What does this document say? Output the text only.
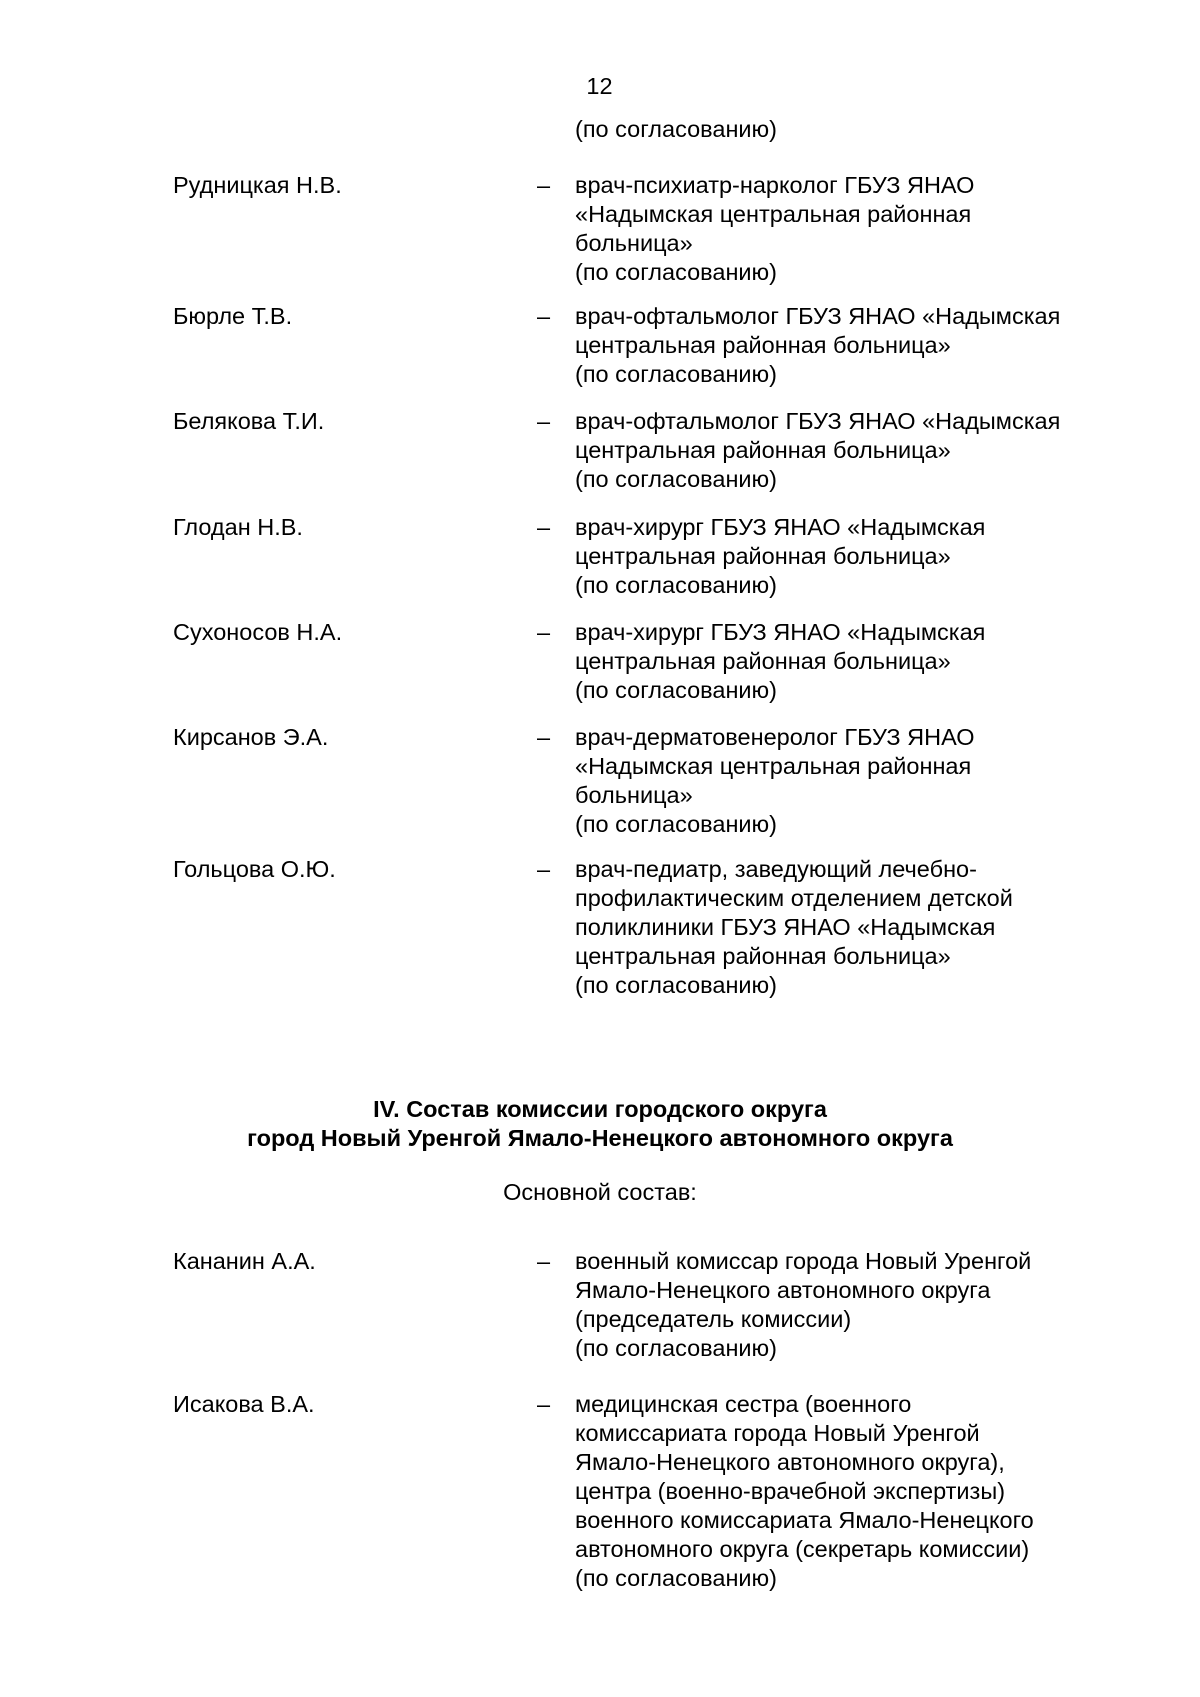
12
(по согласованию)
Рудницкая Н.В.	– врач-психиатр-нарколог ГБУЗ ЯНАО
«Надымская центральная районная
больница»
(по согласованию)
Бюрле Т.В.	– врач-офтальмолог ГБУЗ ЯНАО «Надымская
центральная районная больница»
(по согласованию)
Белякова Т.И.	– врач-офтальмолог ГБУЗ ЯНАО «Надымская
центральная районная больница»
(по согласованию)
Глодан Н.В.	– врач-хирург ГБУЗ ЯНАО «Надымская
центральная районная больница»
(по согласованию)
Сухоносов Н.А.	– врач-хирург ГБУЗ ЯНАО «Надымская
центральная районная больница»
(по согласованию)
Кирсанов Э.А.	– врач-дерматовенеролог ГБУЗ ЯНАО
«Надымская центральная районная
больница»
(по согласованию)
Гольцова О.Ю.	– врач-педиатр, заведующий лечебно-
профилактическим отделением детской
поликлиники ГБУЗ ЯНАО «Надымская
центральная районная больница»
(по согласованию)
IV. Состав комиссии городского округа
город Новый Уренгой Ямало-Ненецкого автономного округа
Основной состав:
Кананин А.А.	– военный комиссар города Новый Уренгой
Ямало-Ненецкого автономного округа
(председатель комиссии)
(по согласованию)
Исакова В.А.	– медицинская сестра (военного
комиссариата города Новый Уренгой
Ямало-Ненецкого автономного округа),
центра (военно-врачебной экспертизы)
военного комиссариата Ямало-Ненецкого
автономного округа (секретарь комиссии)
(по согласованию)
